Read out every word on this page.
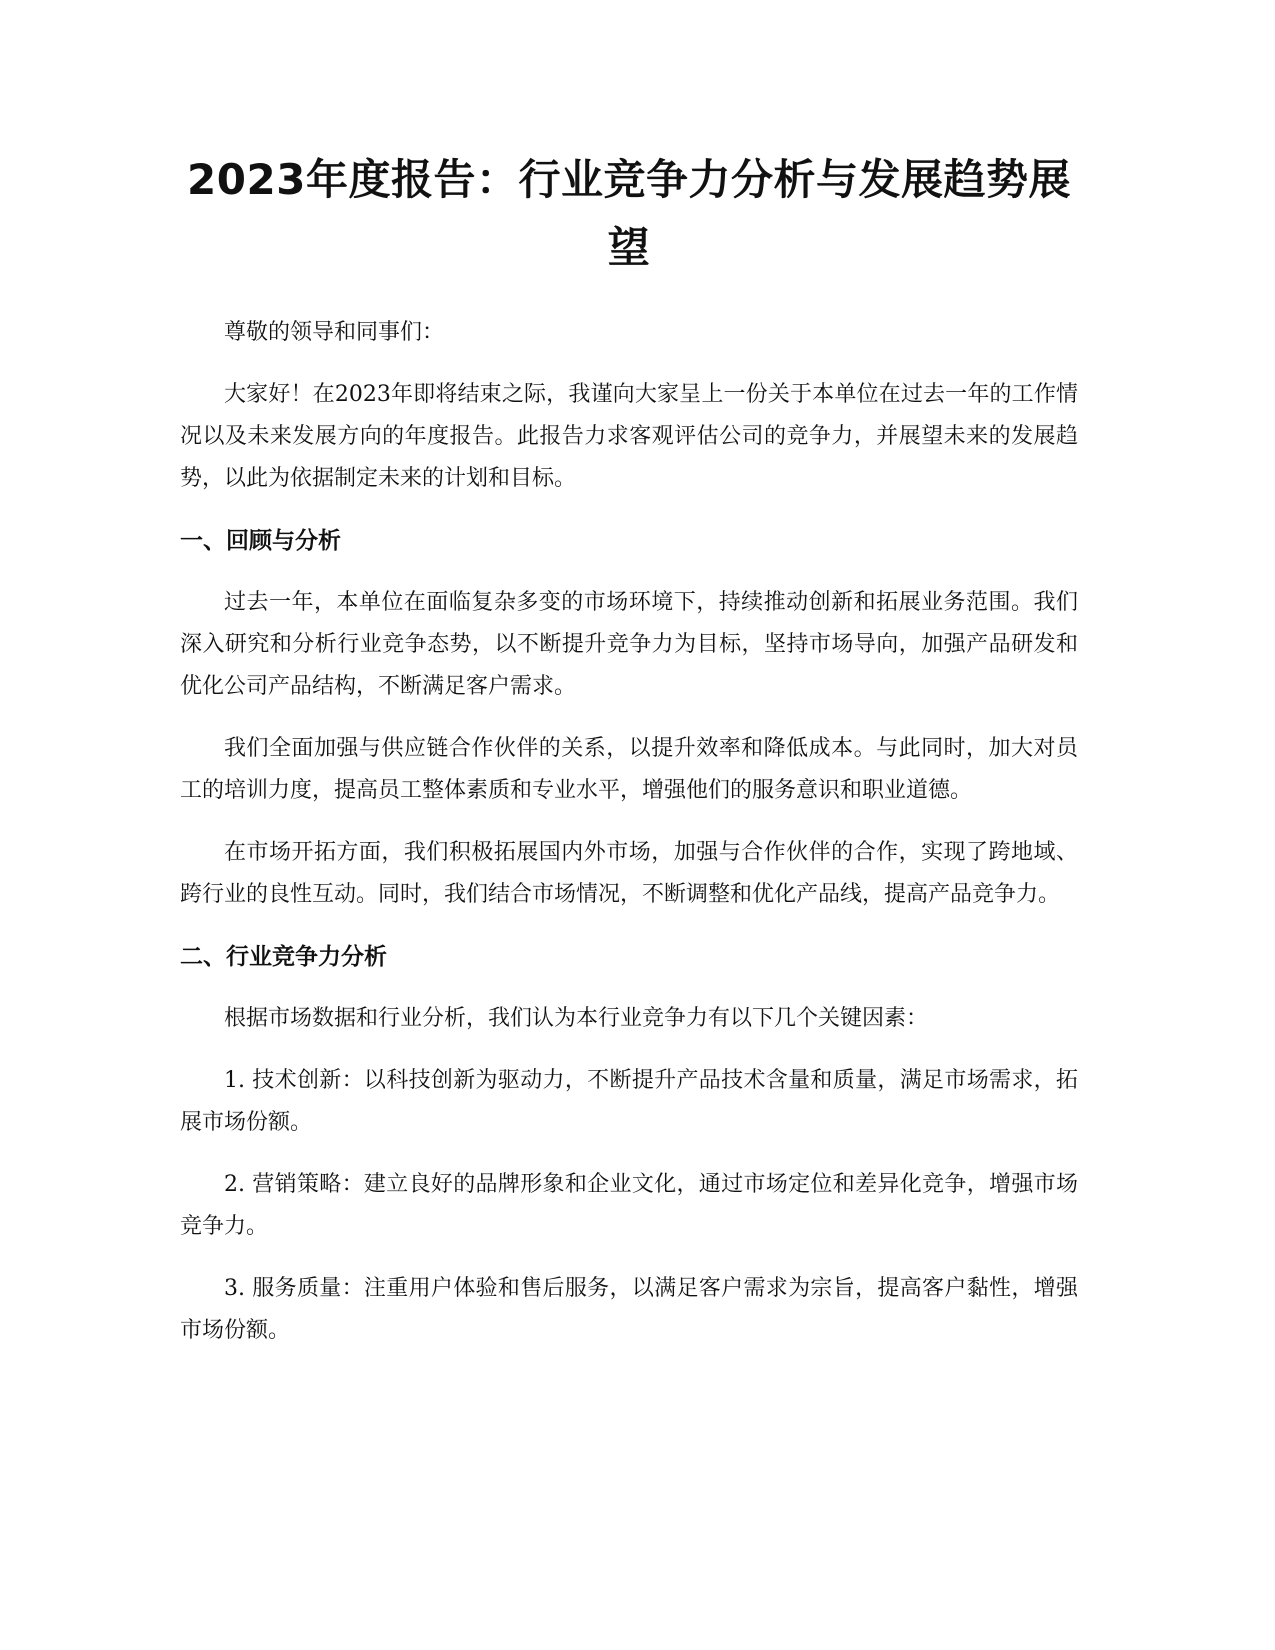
2023年度报告：行业竞争力分析与发展趋势展望

尊敬的领导和同事们：

大家好！在2023年即将结束之际，我谨向大家呈上一份关于本单位在过去一年的工作情况以及未来发展方向的年度报告。此报告力求客观评估公司的竞争力，并展望未来的发展趋势，以此为依据制定未来的计划和目标。

一、回顾与分析

过去一年，本单位在面临复杂多变的市场环境下，持续推动创新和拓展业务范围。我们深入研究和分析行业竞争态势，以不断提升竞争力为目标，坚持市场导向，加强产品研发和优化公司产品结构，不断满足客户需求。

我们全面加强与供应链合作伙伴的关系，以提升效率和降低成本。与此同时，加大对员工的培训力度，提高员工整体素质和专业水平，增强他们的服务意识和职业道德。

在市场开拓方面，我们积极拓展国内外市场，加强与合作伙伴的合作，实现了跨地域、跨行业的良性互动。同时，我们结合市场情况，不断调整和优化产品线，提高产品竞争力。

二、行业竞争力分析

根据市场数据和行业分析，我们认为本行业竞争力有以下几个关键因素：

1. 技术创新：以科技创新为驱动力，不断提升产品技术含量和质量，满足市场需求，拓展市场份额。

2. 营销策略：建立良好的品牌形象和企业文化，通过市场定位和差异化竞争，增强市场竞争力。

3. 服务质量：注重用户体验和售后服务，以满足客户需求为宗旨，提高客户黏性，增强市场份额。
